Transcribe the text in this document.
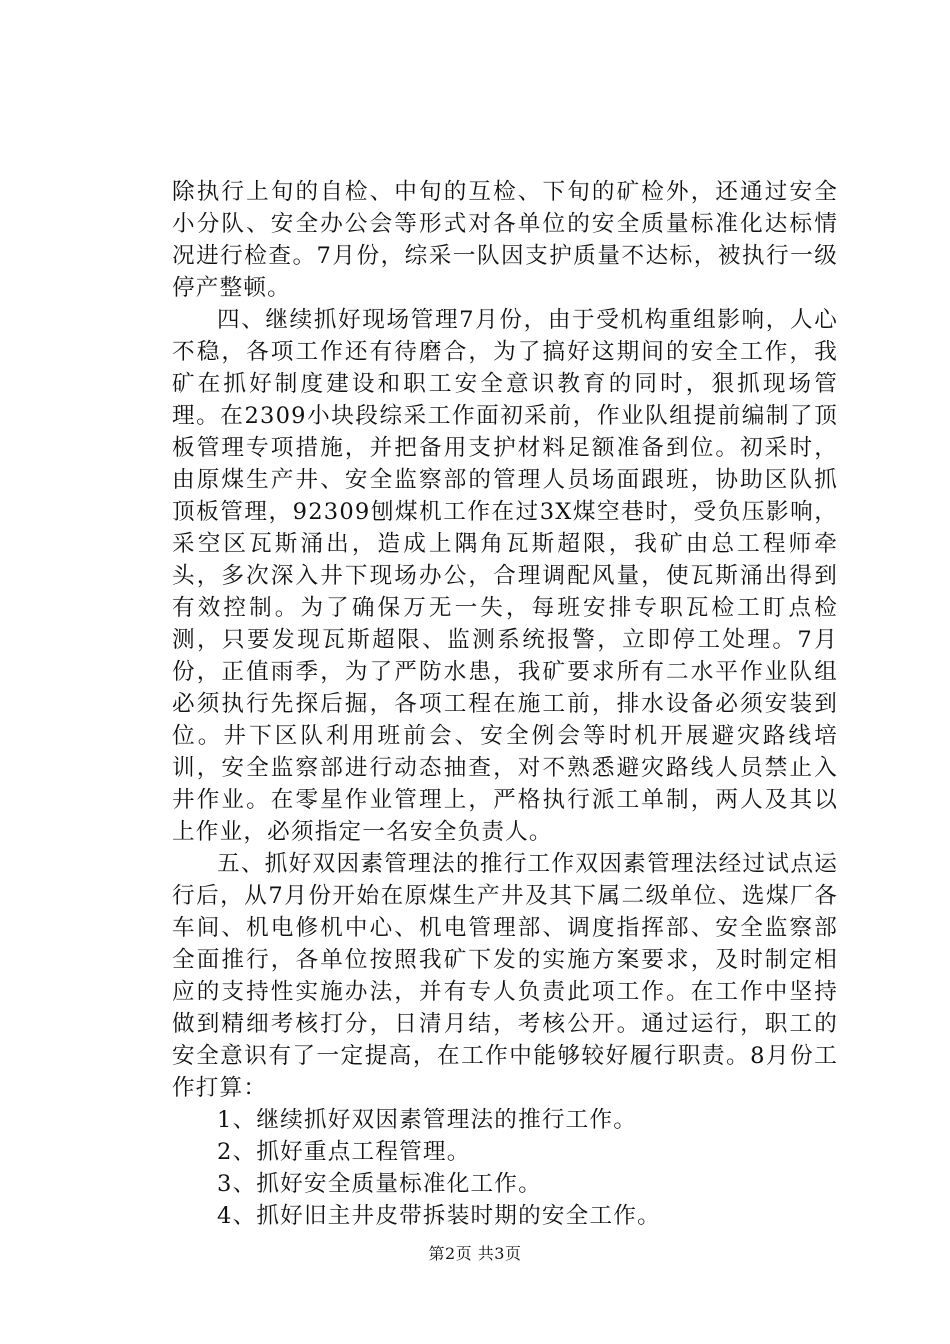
除执行上旬的自检、中旬的互检、下旬的矿检外，还通过安全小分队、安全办公会等形式对各单位的安全质量标准化达标情况进行检查。7月份，综采一队因支护质量不达标，被执行一级停产整顿。

四、继续抓好现场管理7月份，由于受机构重组影响，人心不稳，各项工作还有待磨合，为了搞好这期间的安全工作，我矿在抓好制度建设和职工安全意识教育的同时，狠抓现场管理。在2309小块段综采工作面初采前，作业队组提前编制了顶板管理专项措施，并把备用支护材料足额准备到位。初采时，由原煤生产井、安全监察部的管理人员场面跟班，协助区队抓顶板管理，92309刨煤机工作在过3X煤空巷时，受负压影响，采空区瓦斯涌出，造成上隅角瓦斯超限，我矿由总工程师牵头，多次深入井下现场办公，合理调配风量，使瓦斯涌出得到有效控制。为了确保万无一失，每班安排专职瓦检工盯点检测，只要发现瓦斯超限、监测系统报警，立即停工处理。7月份，正值雨季，为了严防水患，我矿要求所有二水平作业队组必须执行先探后掘，各项工程在施工前，排水设备必须安装到位。井下区队利用班前会、安全例会等时机开展避灾路线培训，安全监察部进行动态抽查，对不熟悉避灾路线人员禁止入井作业。在零星作业管理上，严格执行派工单制，两人及其以上作业，必须指定一名安全负责人。

五、抓好双因素管理法的推行工作双因素管理法经过试点运行后，从7月份开始在原煤生产井及其下属二级单位、选煤厂各车间、机电修机中心、机电管理部、调度指挥部、安全监察部全面推行，各单位按照我矿下发的实施方案要求，及时制定相应的支持性实施办法，并有专人负责此项工作。在工作中坚持做到精细考核打分，日清月结，考核公开。通过运行，职工的安全意识有了一定提高，在工作中能够较好履行职责。8月份工作打算：

1、继续抓好双因素管理法的推行工作。

2、抓好重点工程管理。

3、抓好安全质量标准化工作。

4、抓好旧主井皮带拆装时期的安全工作。

第2页 共3页
